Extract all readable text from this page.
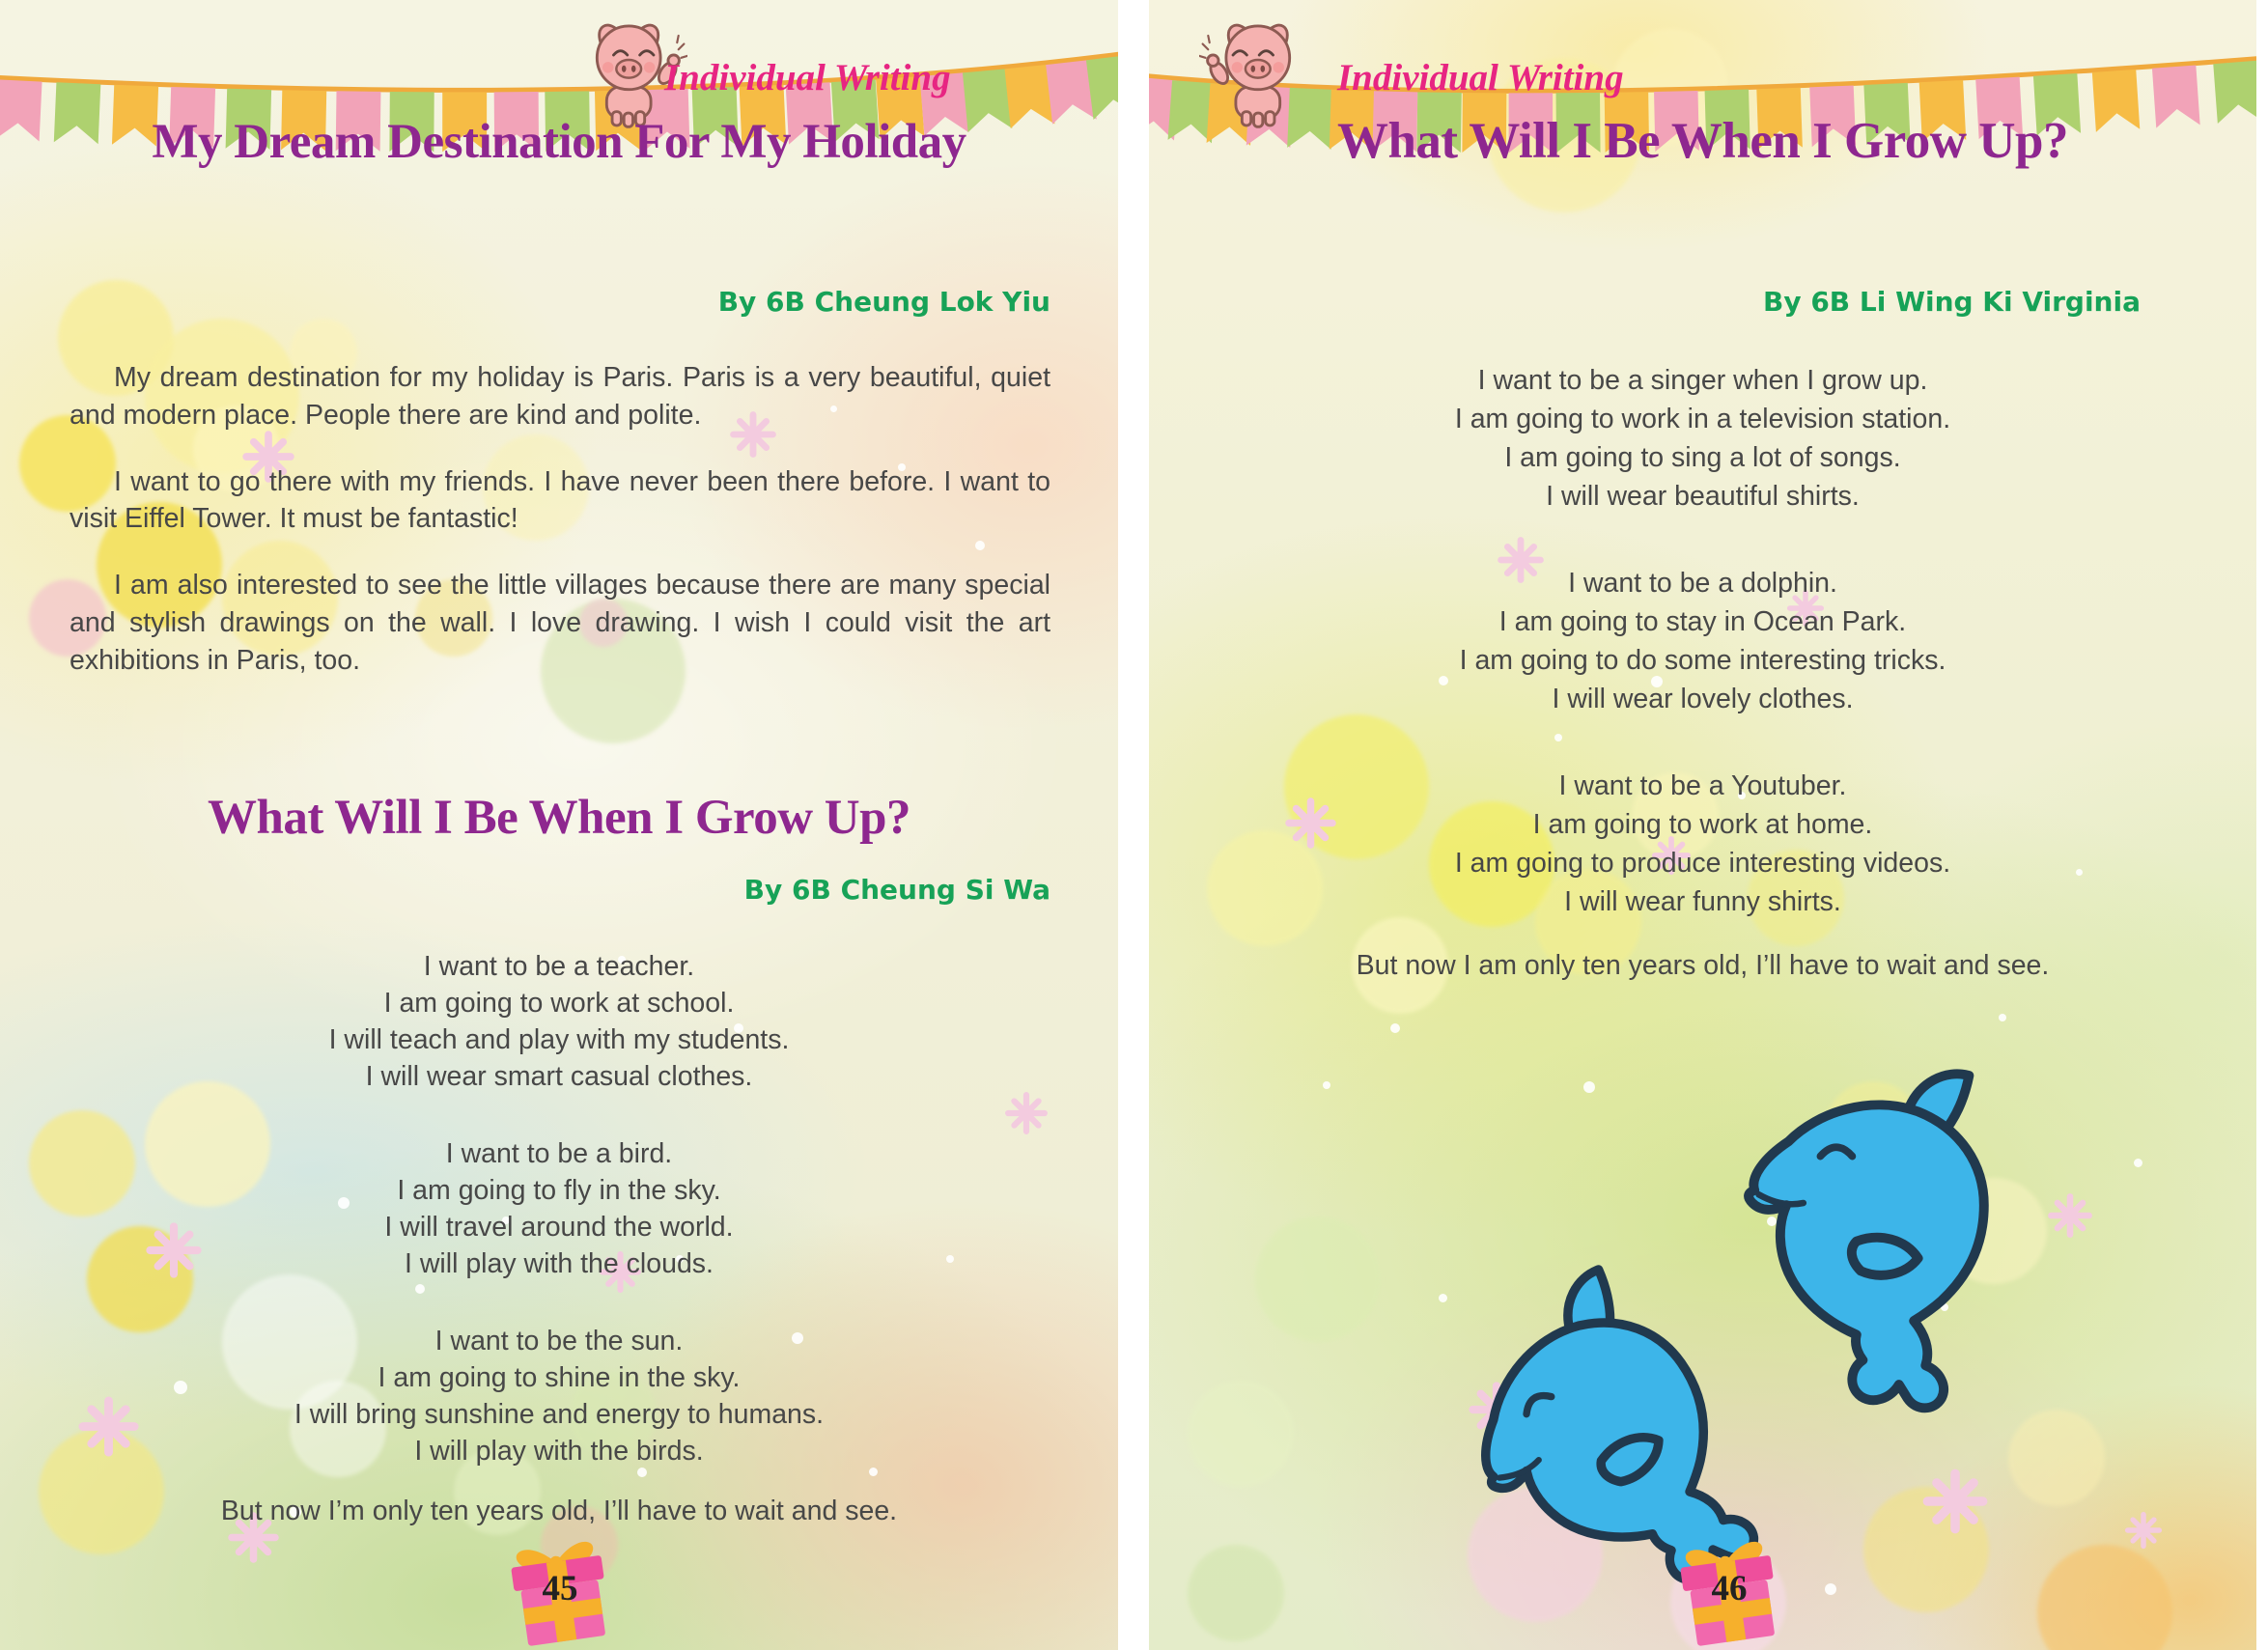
Individual Writing
My Dream Destination For My Holiday
By 6B Cheung Lok Yiu

My dream destination for my holiday is Paris. Paris is a very beautiful, quiet and modern place. People there are kind and polite.

I want to go there with my friends. I have never been there before. I want to visit Eiffel Tower. It must be fantastic!

I am also interested to see the little villages because there are many special and stylish drawings on the wall. I love drawing. I wish I could visit the art exhibitions in Paris, too.

What Will I Be When I Grow Up?
By 6B Cheung Si Wa
I want to be a teacher.
I am going to work at school.
I will teach and play with my students.
I will wear smart casual clothes.
I want to be a bird.
I am going to fly in the sky.
I will travel around the world.
I will play with the clouds.
I want to be the sun.
I am going to shine in the sky.
I will bring sunshine and energy to humans.
I will play with the birds.
But now I’m only ten years old, I’ll have to wait and see.
45
Individual Writing
What Will I Be When I Grow Up?
By 6B Li Wing Ki Virginia
I want to be a singer when I grow up.
I am going to work in a television station.
I am going to sing a lot of songs.
I will wear beautiful shirts.
I want to be a dolphin.
I am going to stay in Ocean Park.
I am going to do some interesting tricks.
I will wear lovely clothes.
I want to be a Youtuber.
I am going to work at home.
I am going to produce interesting videos.
I will wear funny shirts.
But now I am only ten years old, I’ll have to wait and see.
46
